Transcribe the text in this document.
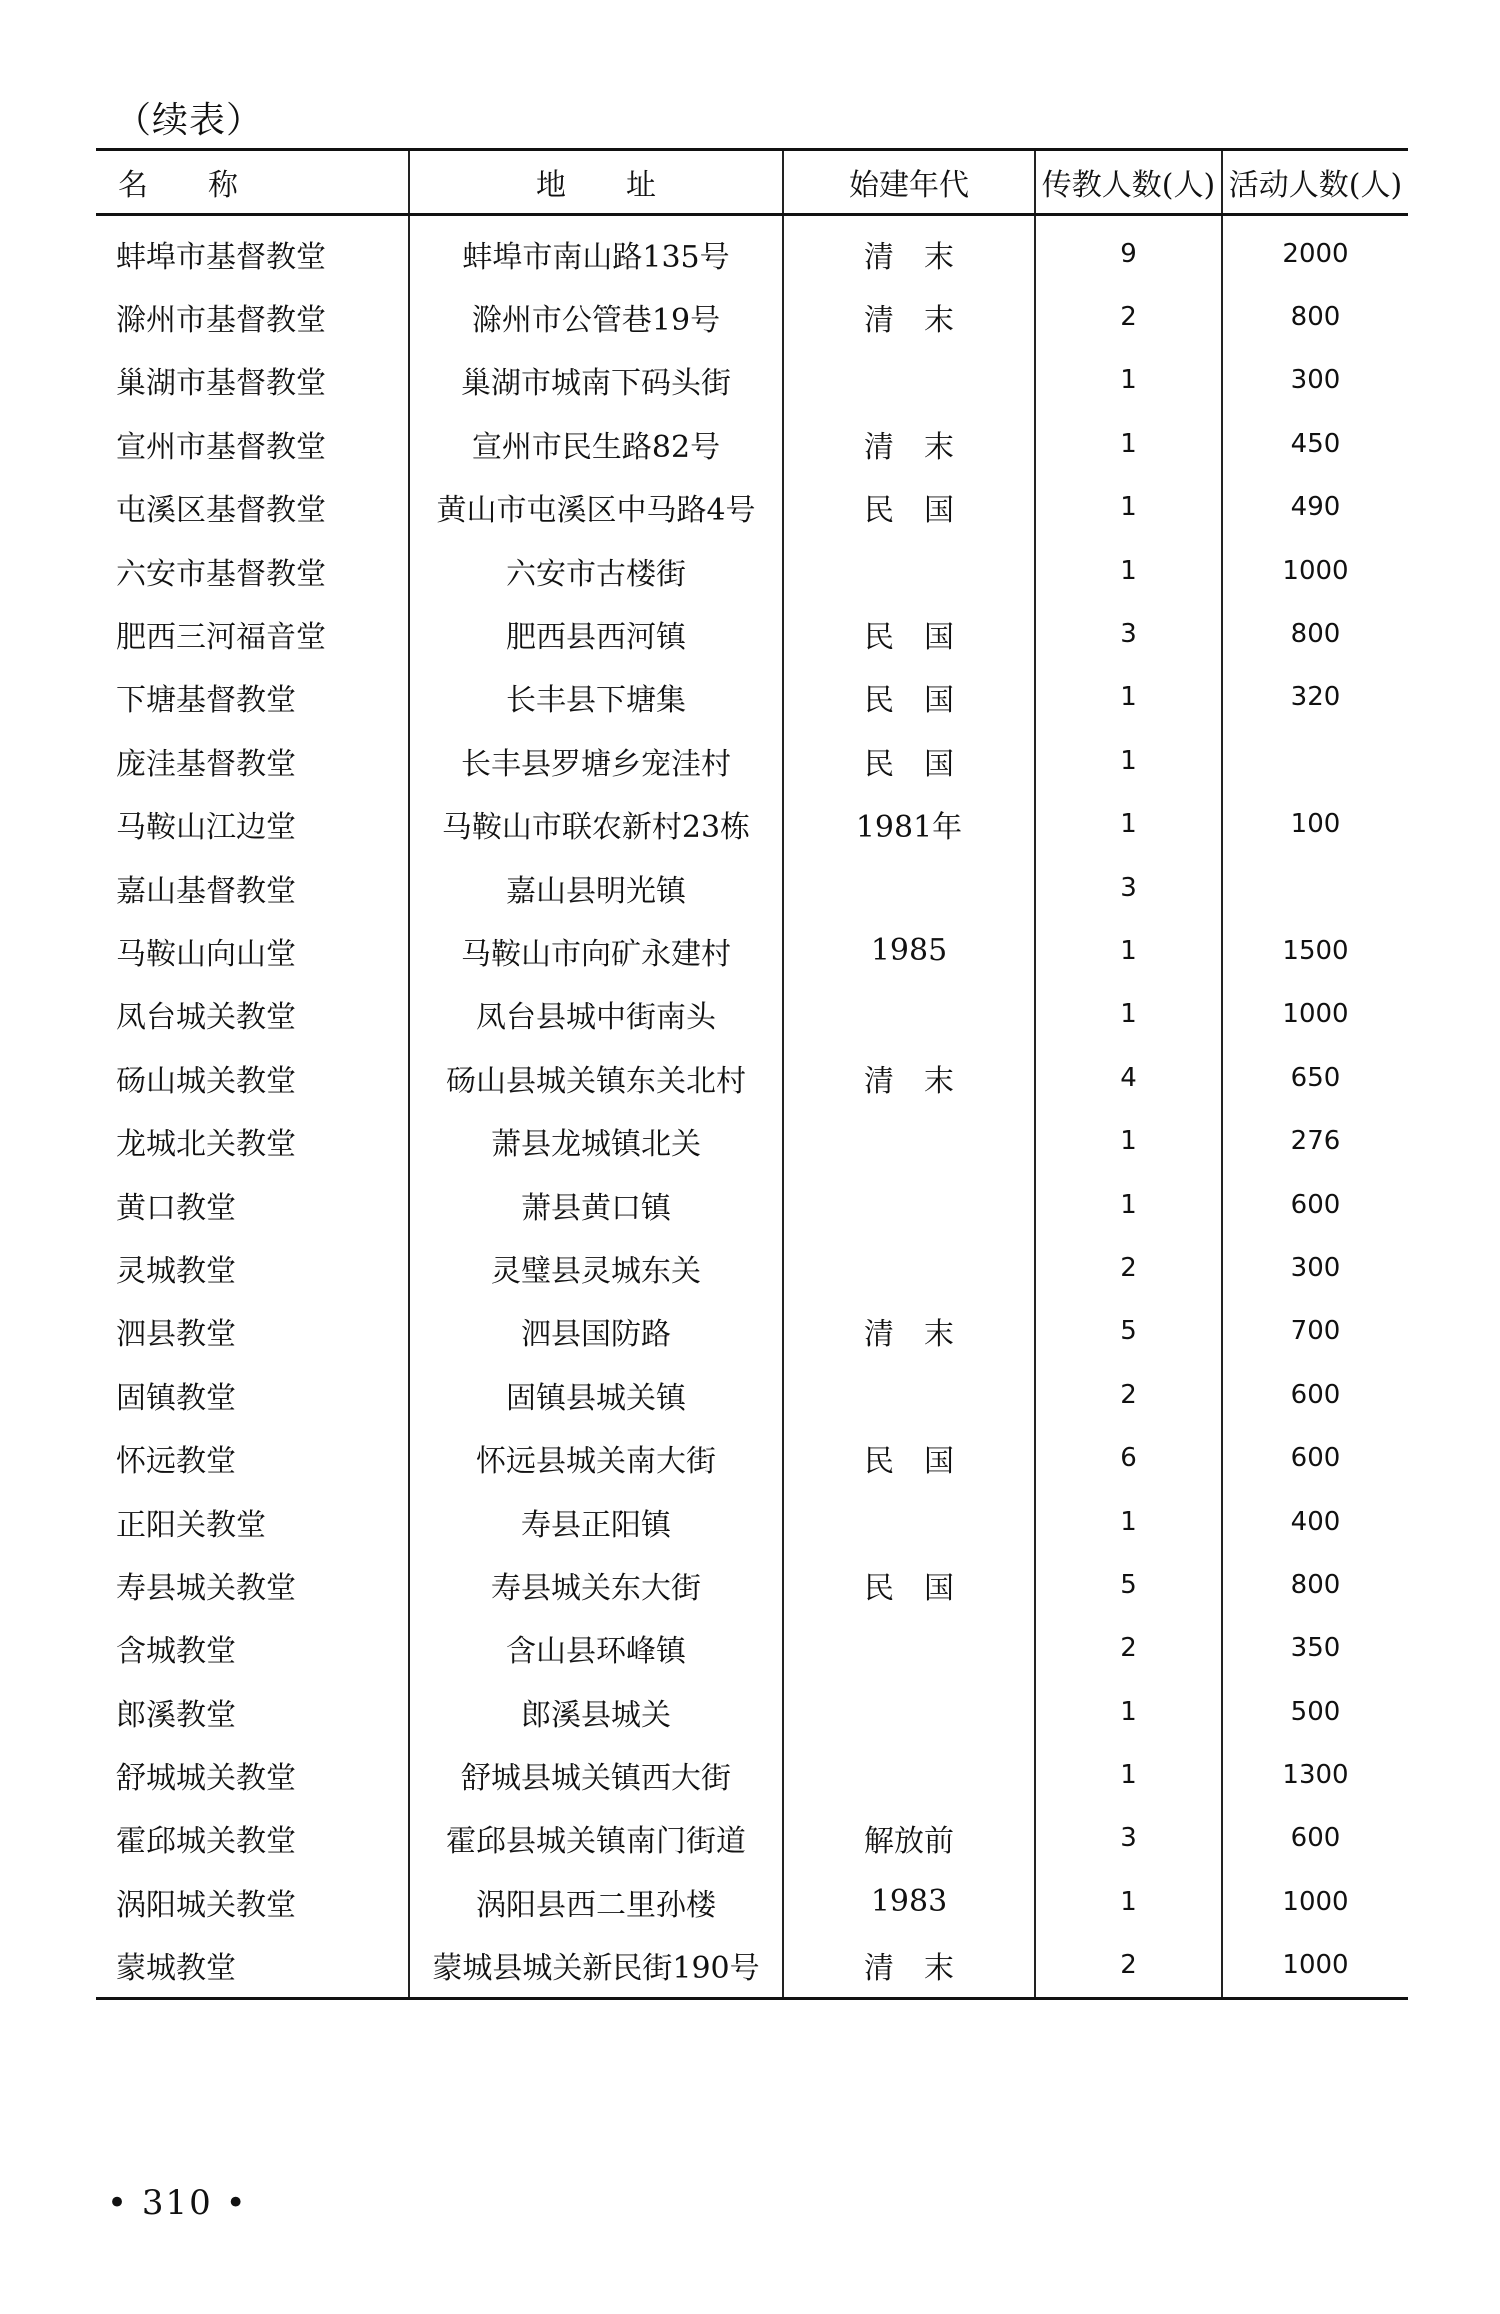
（续表）
名　　称	地　　址	始建年代	传教人数(人)	活动人数(人)
蚌埠市基督教堂	蚌埠市南山路135号	清　末	9	2000
滁州市基督教堂	滁州市公管巷19号	清　末	2	800
巢湖市基督教堂	巢湖市城南下码头街		1	300
宣州市基督教堂	宣州市民生路82号	清　末	1	450
屯溪区基督教堂	黄山市屯溪区中马路4号	民　国	1	490
六安市基督教堂	六安市古楼街		1	1000
肥西三河福音堂	肥西县西河镇	民　国	3	800
下塘基督教堂	长丰县下塘集	民　国	1	320
庞洼基督教堂	长丰县罗塘乡宠洼村	民　国	1	
马鞍山江边堂	马鞍山市联农新村23栋	1981年	1	100
嘉山基督教堂	嘉山县明光镇		3	
马鞍山向山堂	马鞍山市向矿永建村	1985	1	1500
凤台城关教堂	凤台县城中街南头		1	1000
砀山城关教堂	砀山县城关镇东关北村	清　末	4	650
龙城北关教堂	萧县龙城镇北关		1	276
黄口教堂	萧县黄口镇		1	600
灵城教堂	灵璧县灵城东关		2	300
泗县教堂	泗县国防路	清　末	5	700
固镇教堂	固镇县城关镇		2	600
怀远教堂	怀远县城关南大街	民　国	6	600
正阳关教堂	寿县正阳镇		1	400
寿县城关教堂	寿县城关东大街	民　国	5	800
含城教堂	含山县环峰镇		2	350
郎溪教堂	郎溪县城关		1	500
舒城城关教堂	舒城县城关镇西大街		1	1300
霍邱城关教堂	霍邱县城关镇南门街道	解放前	3	600
涡阳城关教堂	涡阳县西二里孙楼	1983	1	1000
蒙城教堂	蒙城县城关新民街190号	清　末	2	1000
• 310 •
